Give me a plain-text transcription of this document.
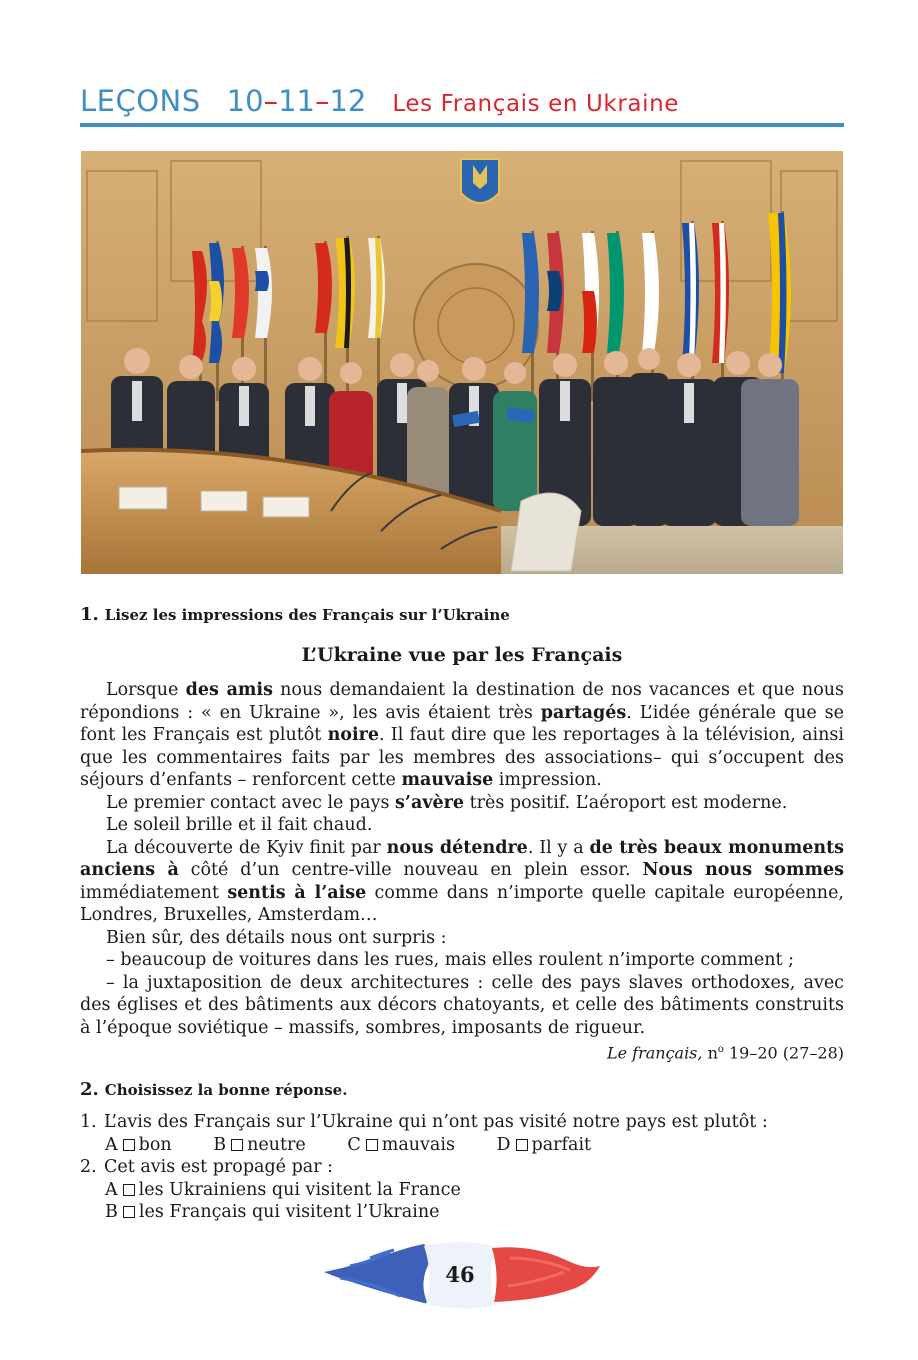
LEÇONS 10–11–12 Les Français en Ukraine
1. Lisez les impressions des Français sur l’Ukraine
L’Ukraine vue par les Français

Lorsque des amis nous demandaient la destination de nos vacances et que nous répondions : « en Ukraine », les avis étaient très partagés. L’idée générale que se font les Français est plutôt noire. Il faut dire que les reportages à la télévision, ainsi que les commentaires faits par les membres des associations– qui s’occupent des séjours d’enfants – renforcent cette mauvaise impression.

Le premier contact avec le pays s’avère très positif. L’aéroport est moderne.

Le soleil brille et il fait chaud.

La découverte de Kyiv finit par nous détendre. Il y a de très beaux monuments anciens à côté d’un centre-ville nouveau en plein essor. Nous nous sommes immédiatement sentis à l’aise comme dans n’importe quelle capitale européenne, Londres, Bruxelles, Amsterdam…

Bien sûr, des détails nous ont surpris :

– beaucoup de voitures dans les rues, mais elles roulent n’importe comment ;

– la juxtaposition de deux architectures : celle des pays slaves orthodoxes, avec des églises et des bâtiments aux décors chatoyants, et celle des bâtiments construits à l’époque soviétique – massifs, sombres, imposants de rigueur.

Le français, $n^o$ 19–20 (27–28)

2. Choisissez la bonne réponse.

1. L’avis des Français sur l’Ukraine qui n’ont pas visité notre pays est plutôt :

A bon B neutre C mauvais D parfait

2. Cet avis est propagé par :

A les Ukrainiens qui visitent la France

B les Français qui visitent l’Ukraine

46
